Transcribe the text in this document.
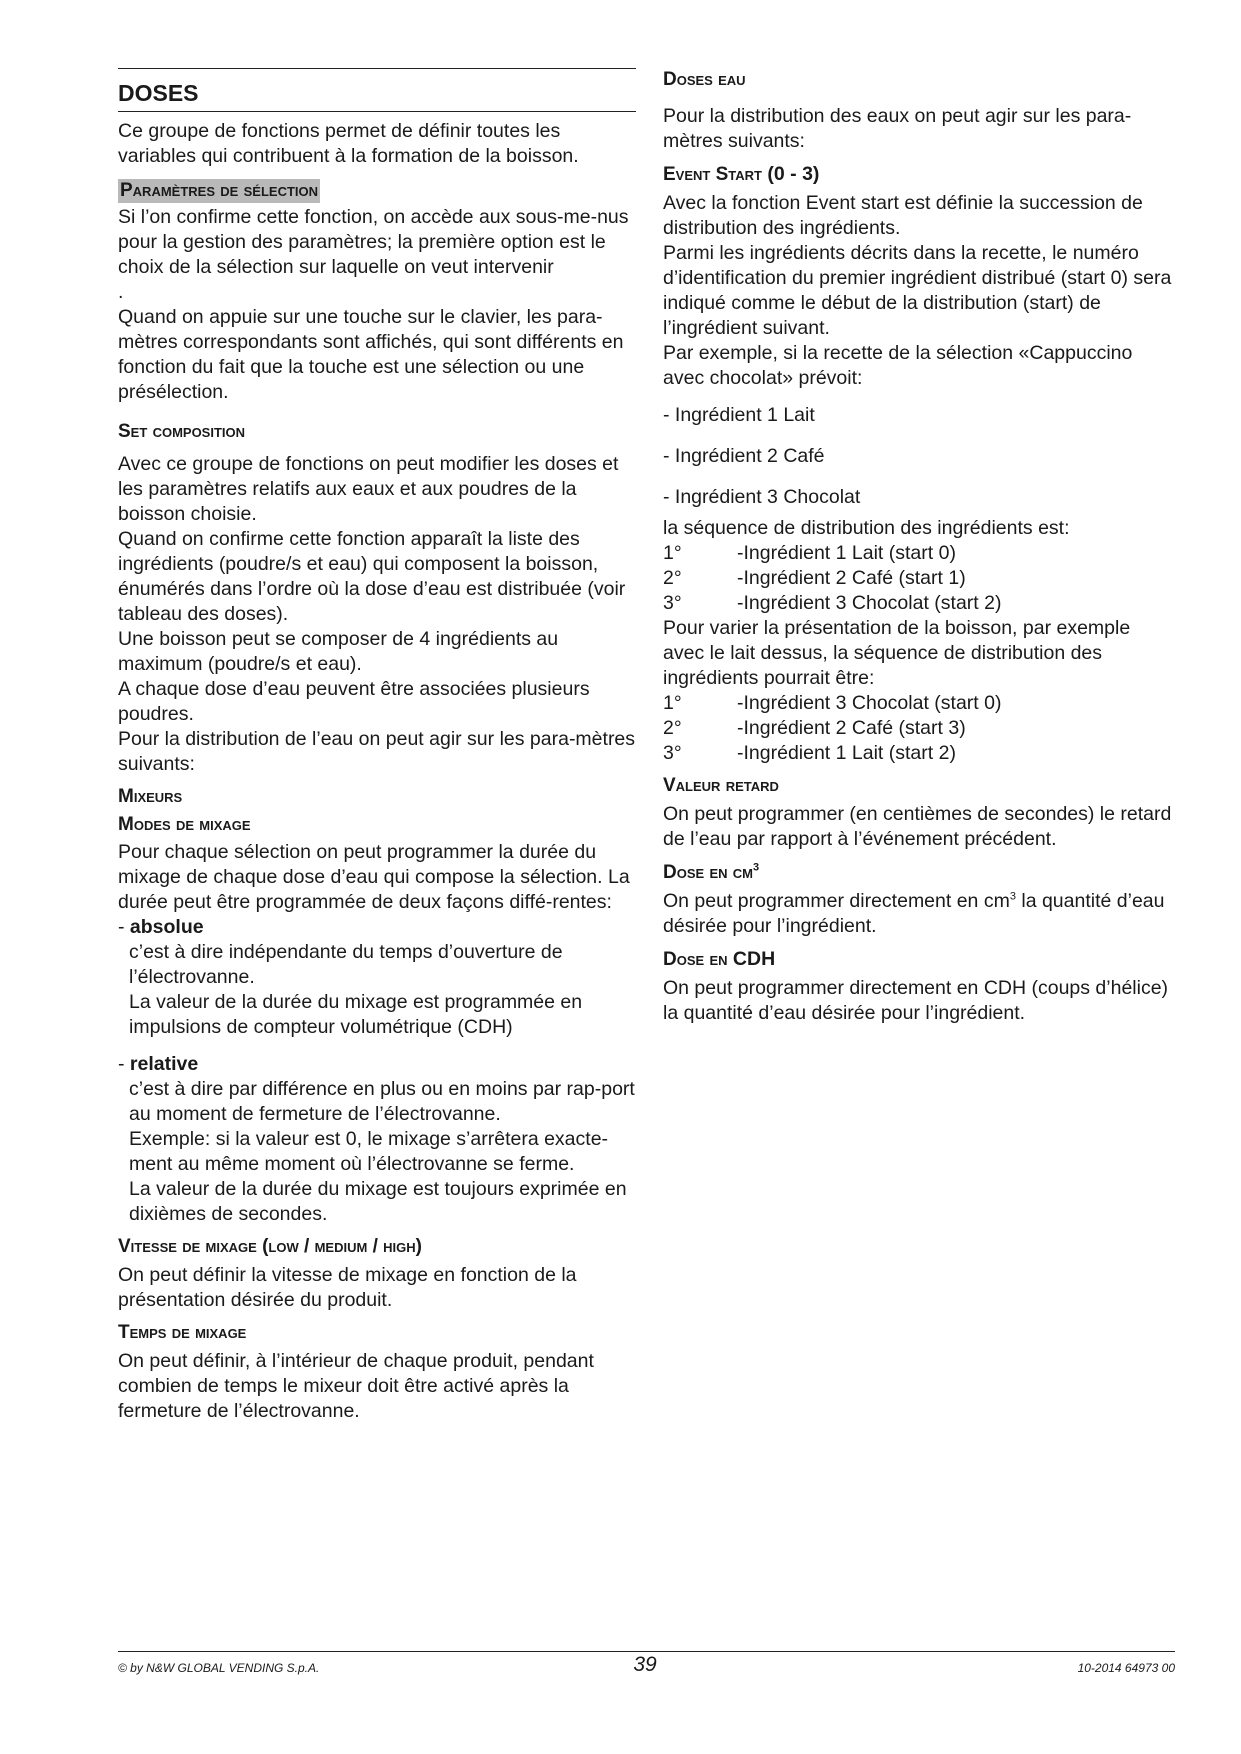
DOSES

Ce groupe de fonctions permet de définir toutes les variables qui contribuent à la formation de la boisson.

Paramètres de sélection

Si l’on confirme cette fonction, on accède aux sous-me-nus pour la gestion des paramètres; la première option est le choix de la sélection sur laquelle on veut intervenir

.

Quand on appuie sur une touche sur le clavier, les para-mètres correspondants sont affichés, qui sont différents en fonction du fait que la touche est une sélection ou une présélection.

Set composition

Avec ce groupe de fonctions on peut modifier les doses et les paramètres relatifs aux eaux et aux poudres de la boisson choisie.

Quand on confirme cette fonction apparaît la liste des ingrédients (poudre/s et eau) qui composent la boisson, énumérés dans l’ordre où la dose d’eau est distribuée (voir tableau des doses).

Une boisson peut se composer de 4 ingrédients au maximum (poudre/s et eau).

A chaque dose d’eau peuvent être associées plusieurs poudres.

Pour la distribution de l’eau on peut agir sur les para-mètres suivants:

Mixeurs
Modes de mixage

Pour chaque sélection on peut programmer la durée du mixage de chaque dose d’eau qui compose la sélection. La durée peut être programmée de deux façons diffé-rentes:

- absolue

c’est à dire indépendante du temps d’ouverture de l’électrovanne.

La valeur de la durée du mixage est programmée en impulsions de compteur volumétrique (CDH)

- relative

c’est à dire par différence en plus ou en moins par rap-port au moment de fermeture de l’électrovanne.

Exemple: si la valeur est 0, le mixage s’arrêtera exacte-ment au même moment où l’électrovanne se ferme.

La valeur de la durée du mixage est toujours exprimée en dixièmes de secondes.

Vitesse de mixage (low / medium / high)

On peut définir la vitesse de mixage en fonction de la présentation désirée du produit.

Temps de mixage

On peut définir, à l’intérieur de chaque produit, pendant combien de temps le mixeur doit être activé après la fermeture de l’électrovanne.

Doses eau

Pour la distribution des eaux on peut agir sur les para-mètres suivants:

Event Start (0 - 3)

Avec la fonction Event start est définie la succession de distribution des ingrédients.

Parmi les ingrédients décrits dans la recette, le numéro d’identification du premier ingrédient distribué (start 0) sera indiqué comme le début de la distribution (start) de l’ingrédient suivant.

Par exemple, si la recette de la sélection «Cappuccino avec chocolat» prévoit:

- Ingrédient 1 Lait

- Ingrédient 2 Café

- Ingrédient 3 Chocolat

la séquence de distribution des ingrédients est:

1°	-Ingrédient 1 Lait (start 0)
2°	-Ingrédient 2 Café (start 1)
3°	-Ingrédient 3 Chocolat (start 2)

Pour varier la présentation de la boisson, par exemple avec le lait dessus, la séquence de distribution des ingrédients pourrait être:

1°	-Ingrédient 3 Chocolat (start 0)
2°	-Ingrédient 2 Café (start 3)
3°	-Ingrédient 1 Lait (start 2)
Valeur retard

On peut programmer (en centièmes de secondes) le retard de l’eau par rapport à l’événement précédent.

Dose en $cm^3$

On peut programmer directement en $cm^3$ la quantité d’eau désirée pour l’ingrédient.

Dose en CDH

On peut programmer directement en CDH (coups d’hélice) la quantité d’eau désirée pour l’ingrédient.

© by N&W GLOBAL VENDING S.p.A.	39	10-2014 64973 00
